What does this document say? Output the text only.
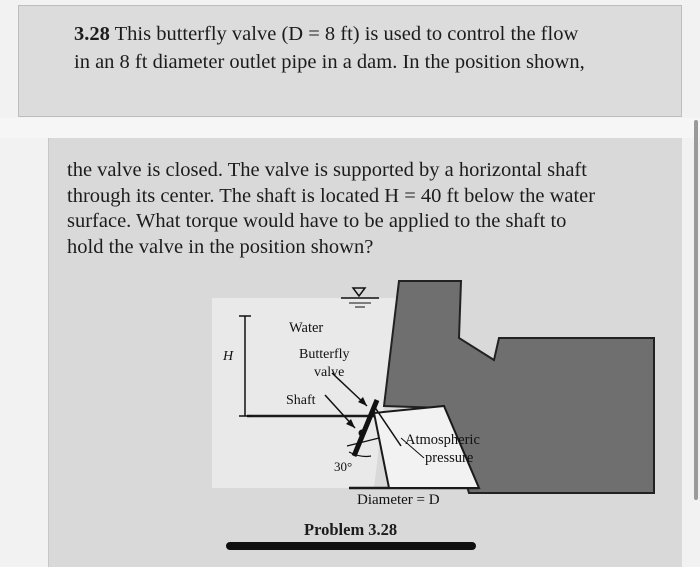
3.28 This butterfly valve (D = 8 ft) is used to control the flow
in an 8 ft diameter outlet pipe in a dam. In the position shown,

the valve is closed. The valve is supported by a horizontal shaft
through its center. The shaft is located H = 40 ft below the water
surface. What torque would have to be applied to the shaft to
hold the valve in the position shown?

Water
H	Butterfly
valve
Shaft
Atmospheric
pressure
30°
Diameter = D
Problem 3.28
